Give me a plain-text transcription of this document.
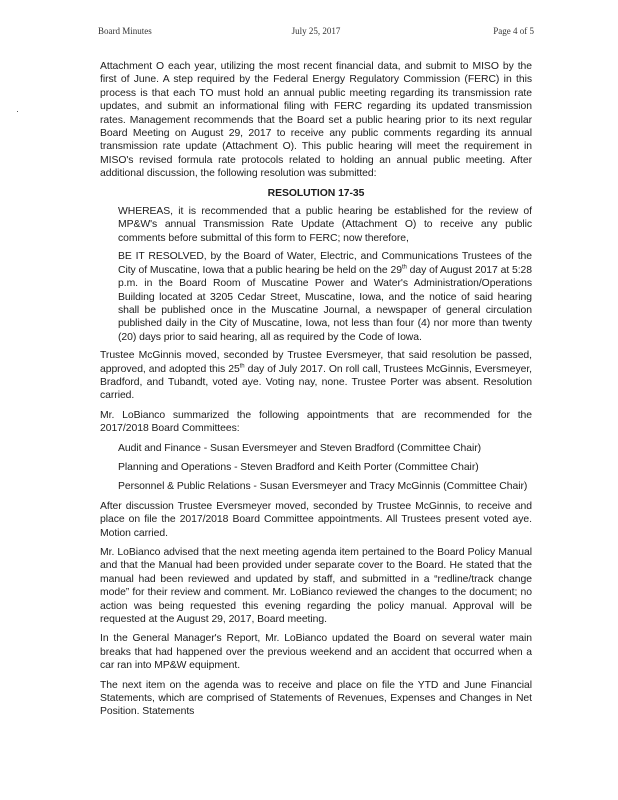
Board Minutes	July 25, 2017	Page 4 of 5

Attachment O each year, utilizing the most recent financial data, and submit to MISO by the first of June. A step required by the Federal Energy Regulatory Commission (FERC) in this process is that each TO must hold an annual public meeting regarding its transmission rate updates, and submit an informational filing with FERC regarding its updated transmission rates. Management recommends that the Board set a public hearing prior to its next regular Board Meeting on August 29, 2017 to receive any public comments regarding its annual transmission rate update (Attachment O). This public hearing will meet the requirement in MISO's revised formula rate protocols related to holding an annual public meeting. After additional discussion, the following resolution was submitted:

RESOLUTION 17-35

WHEREAS, it is recommended that a public hearing be established for the review of MP&W's annual Transmission Rate Update (Attachment O) to receive any public comments before submittal of this form to FERC; now therefore,

BE IT RESOLVED, by the Board of Water, Electric, and Communications Trustees of the City of Muscatine, Iowa that a public hearing be held on the 29th day of August 2017 at 5:28 p.m. in the Board Room of Muscatine Power and Water's Administration/Operations Building located at 3205 Cedar Street, Muscatine, Iowa, and the notice of said hearing shall be published once in the Muscatine Journal, a newspaper of general circulation published daily in the City of Muscatine, Iowa, not less than four (4) nor more than twenty (20) days prior to said hearing, all as required by the Code of Iowa.

Trustee McGinnis moved, seconded by Trustee Eversmeyer, that said resolution be passed, approved, and adopted this 25th day of July 2017. On roll call, Trustees McGinnis, Eversmeyer, Bradford, and Tubandt, voted aye. Voting nay, none. Trustee Porter was absent. Resolution carried.

Mr. LoBianco summarized the following appointments that are recommended for the 2017/2018 Board Committees:

Audit and Finance - Susan Eversmeyer and Steven Bradford (Committee Chair)
Planning and Operations - Steven Bradford and Keith Porter (Committee Chair)
Personnel & Public Relations - Susan Eversmeyer and Tracy McGinnis (Committee Chair)

After discussion Trustee Eversmeyer moved, seconded by Trustee McGinnis, to receive and place on file the 2017/2018 Board Committee appointments. All Trustees present voted aye. Motion carried.

Mr. LoBianco advised that the next meeting agenda item pertained to the Board Policy Manual and that the Manual had been provided under separate cover to the Board. He stated that the manual had been reviewed and updated by staff, and submitted in a “redline/track change mode” for their review and comment. Mr. LoBianco reviewed the changes to the document; no action was being requested this evening regarding the policy manual. Approval will be requested at the August 29, 2017, Board meeting.

In the General Manager's Report, Mr. LoBianco updated the Board on several water main breaks that had happened over the previous weekend and an accident that occurred when a car ran into MP&W equipment.

The next item on the agenda was to receive and place on file the YTD and June Financial Statements, which are comprised of Statements of Revenues, Expenses and Changes in Net Position. Statements
